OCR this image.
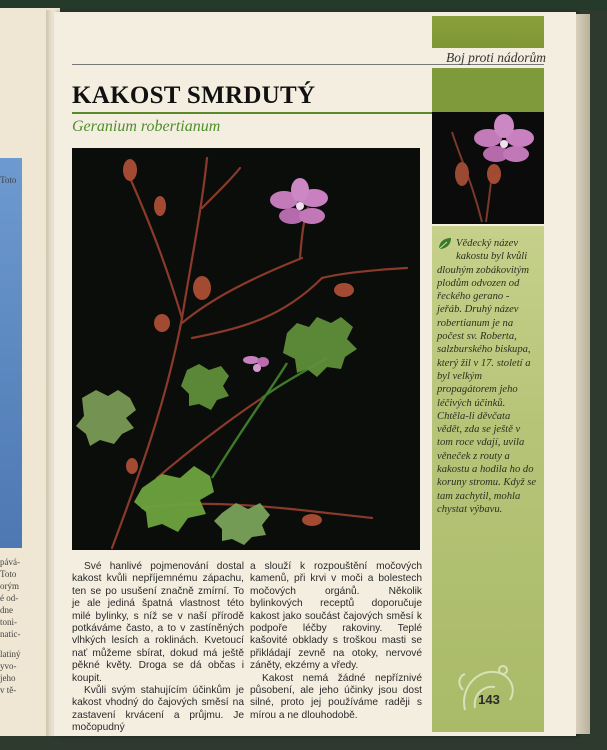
Toto
pává-
Toto
orým
é od-
dne
toni-
natic-
latiný
yvo-
jeho
v tě-
Boj proti nádorům
KAKOST SMRDUTÝ
Geranium robertianum
Vědecký název kakostu byl kvůli dlouhým zobákovitým plodům odvozen od řeckého gerano - jeřáb. Druhý název robertianum je na počest sv. Roberta, salzburského biskupa, který žil v 17. století a byl velkým propagátorem jeho léčivých účinků. Chtěla-li děvčata vědět, zda se ještě v tom roce vdají, uvila věneček z routy a kakostu a hodila ho do koruny stromu. Když se tam zachytil, mohla chystat výbavu.

Své hanlivé pojmenování dostal kakost kvůli nepříjemnému zápachu, ten se po usušení značně zmírní. To je ale jediná špatná vlastnost této milé bylinky, s níž se v naší přírodě potkáváme často, a to v zastíněných vlhkých lesích a roklinách. Kvetoucí nať můžeme sbírat, dokud má ještě pěkné květy. Droga se dá občas i koupit.

Kvůli svým stahujícím účinkům je kakost vhodný do čajových směsí na zastavení krvácení a průjmu. Je močopudný

a slouží k rozpouštění močových kamenů, při krvi v moči a bolestech močových orgánů. Několik bylinkových receptů doporučuje kakost jako součást čajových směsí k podpoře léčby rakoviny. Teplé kašovité obklady s troškou masti se přikládají zevně na otoky, nervové záněty, ekzémy a vředy.

Kakost nemá žádné nepříznivé působení, ale jeho účinky jsou dost silné, proto jej používáme raději s mírou a ne dlouhodobě.

143
